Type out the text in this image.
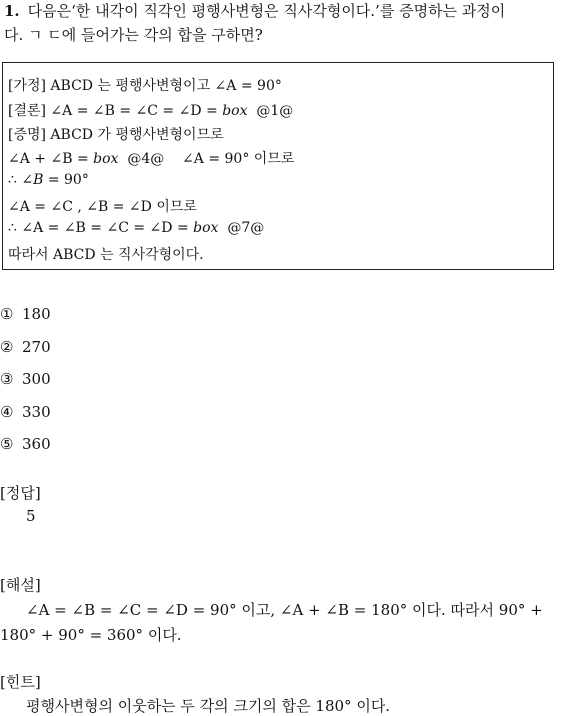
1. 다음은‘한 내각이 직각인 평행사변형은 직사각형이다.’를 증명하는 과정이
다. ㄱ ㄷ에 들어가는 각의 합을 구하면?
[가정] ABCD 는 평행사변형이고 ∠A = 90°
[결론] ∠A = ∠B = ∠C = ∠D = box  @1@
[증명] ABCD 가 평행사변형이므로
∠A + ∠B = box  @4@    ∠A = 90° 이므로
∴ ∠B = 90°
∠A = ∠C , ∠B = ∠D 이므로
∴ ∠A = ∠B = ∠C = ∠D = box  @7@
따라서 ABCD 는 직사각형이다.
① 180
② 270
③ 300
④ 330
⑤ 360
[정답]
5
[해설]
∠A = ∠B = ∠C = ∠D = 90° 이고, ∠A + ∠B = 180° 이다. 따라서 90° +
180° + 90° = 360° 이다.
[힌트]
평행사변형의 이웃하는 두 각의 크기의 합은 180° 이다.
